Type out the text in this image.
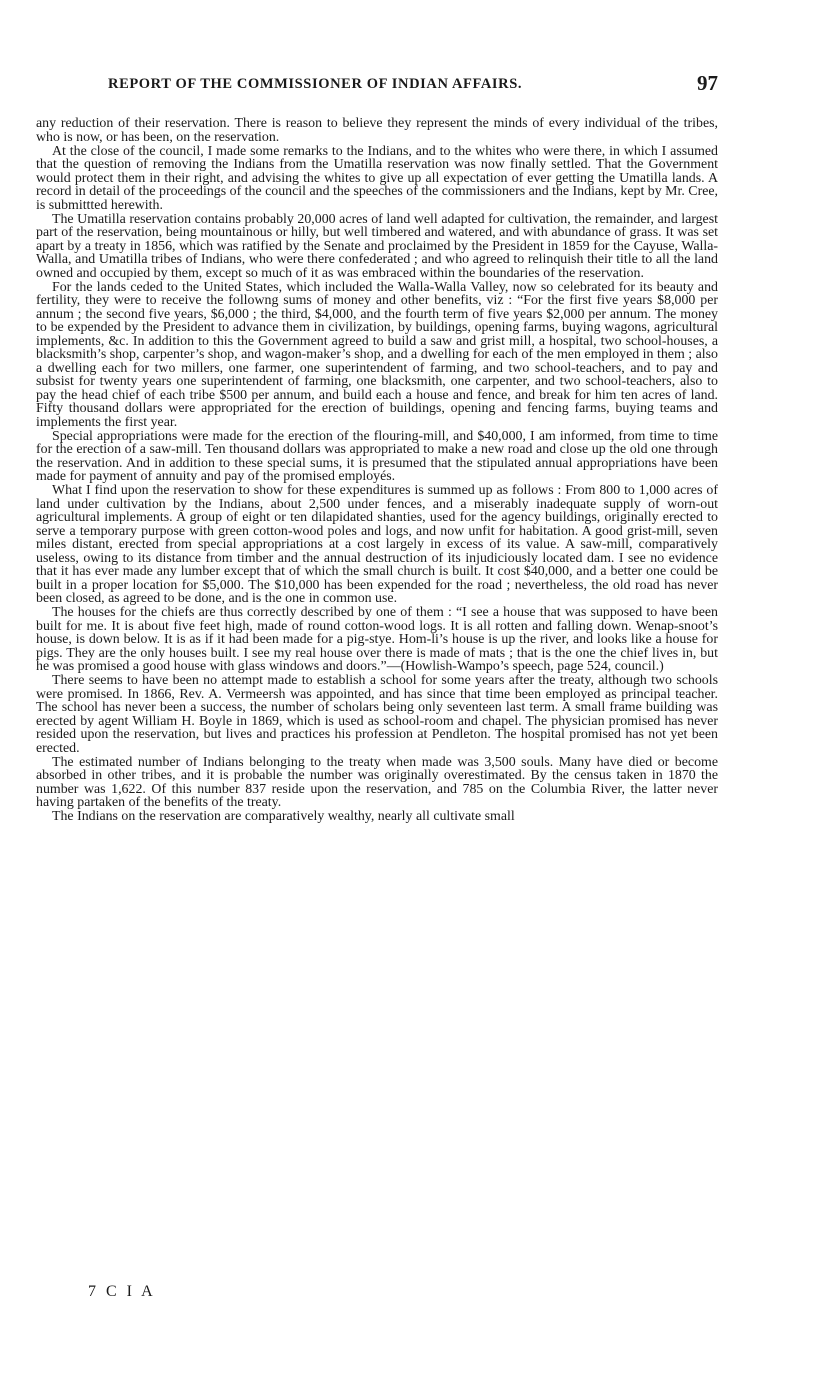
REPORT OF THE COMMISSIONER OF INDIAN AFFAIRS.	97

any reduction of their reservation. There is reason to believe they represent the minds of every individual of the tribes, who is now, or has been, on the reservation.

At the close of the council, I made some remarks to the Indians, and to the whites who were there, in which I assumed that the question of removing the Indians from the Umatilla reservation was now finally settled. That the Government would protect them in their right, and advising the whites to give up all expectation of ever getting the Umatilla lands. A record in detail of the proceedings of the council and the speeches of the commissioners and the Indians, kept by Mr. Cree, is submittted herewith.

The Umatilla reservation contains probably 20,000 acres of land well adapted for cultivation, the remainder, and largest part of the reservation, being mountainous or hilly, but well timbered and watered, and with abundance of grass. It was set apart by a treaty in 1856, which was ratified by the Senate and proclaimed by the President in 1859 for the Cayuse, Walla-Walla, and Umatilla tribes of Indians, who were there confederated ; and who agreed to relinquish their title to all the land owned and occupied by them, except so much of it as was embraced within the boundaries of the reservation.

For the lands ceded to the United States, which included the Walla-Walla Valley, now so celebrated for its beauty and fertility, they were to receive the followng sums of money and other benefits, viz : “For the first five years $8,000 per annum ; the second five years, $6,000 ; the third, $4,000, and the fourth term of five years $2,000 per annum. The money to be expended by the President to advance them in civilization, by buildings, opening farms, buying wagons, agricultural implements, &c. In addition to this the Government agreed to build a saw and grist mill, a hospital, two school-houses, a blacksmith’s shop, carpenter’s shop, and wagon-maker’s shop, and a dwelling for each of the men employed in them ; also a dwelling each for two millers, one farmer, one superintendent of farming, and two school-teachers, and to pay and subsist for twenty years one superintendent of farming, one blacksmith, one carpenter, and two school-teachers, also to pay the head chief of each tribe $500 per annum, and build each a house and fence, and break for him ten acres of land. Fifty thousand dollars were appropriated for the erection of buildings, opening and fencing farms, buying teams and implements the first year.

Special appropriations were made for the erection of the flouring-mill, and $40,000, I am informed, from time to time for the erection of a saw-mill. Ten thousand dollars was appropriated to make a new road and close up the old one through the reservation. And in addition to these special sums, it is presumed that the stipulated annual appropriations have been made for payment of annuity and pay of the promised employés.

What I find upon the reservation to show for these expenditures is summed up as follows : From 800 to 1,000 acres of land under cultivation by the Indians, about 2,500 under fences, and a miserably inadequate supply of worn-out agricultural implements. A group of eight or ten dilapidated shanties, used for the agency buildings, originally erected to serve a temporary purpose with green cotton-wood poles and logs, and now unfit for habitation. A good grist-mill, seven miles distant, erected from special appropriations at a cost largely in excess of its value. A saw-mill, comparatively useless, owing to its distance from timber and the annual destruction of its injudiciously located dam. I see no evidence that it has ever made any lumber except that of which the small church is built. It cost $40,000, and a better one could be built in a proper location for $5,000. The $10,000 has been expended for the road ; nevertheless, the old road has never been closed, as agreed to be done, and is the one in common use.

The houses for the chiefs are thus correctly described by one of them : “I see a house that was supposed to have been built for me. It is about five feet high, made of round cotton-wood logs. It is all rotten and falling down. Wenap-snoot’s house, is down below. It is as if it had been made for a pig-stye. Hom-li’s house is up the river, and looks like a house for pigs. They are the only houses built. I see my real house over there is made of mats ; that is the one the chief lives in, but he was promised a good house with glass windows and doors.”—(Howlish-Wampo’s speech, page 524, council.)

There seems to have been no attempt made to establish a school for some years after the treaty, although two schools were promised. In 1866, Rev. A. Vermeersh was appointed, and has since that time been employed as principal teacher. The school has never been a success, the number of scholars being only seventeen last term. A small frame building was erected by agent William H. Boyle in 1869, which is used as school-room and chapel. The physician promised has never resided upon the reservation, but lives and practices his profession at Pendleton. The hospital promised has not yet been erected.

The estimated number of Indians belonging to the treaty when made was 3,500 souls. Many have died or become absorbed in other tribes, and it is probable the number was originally overestimated. By the census taken in 1870 the number was 1,622. Of this number 837 reside upon the reservation, and 785 on the Columbia River, the latter never having partaken of the benefits of the treaty.

The Indians on the reservation are comparatively wealthy, nearly all cultivate small

7 C I A
